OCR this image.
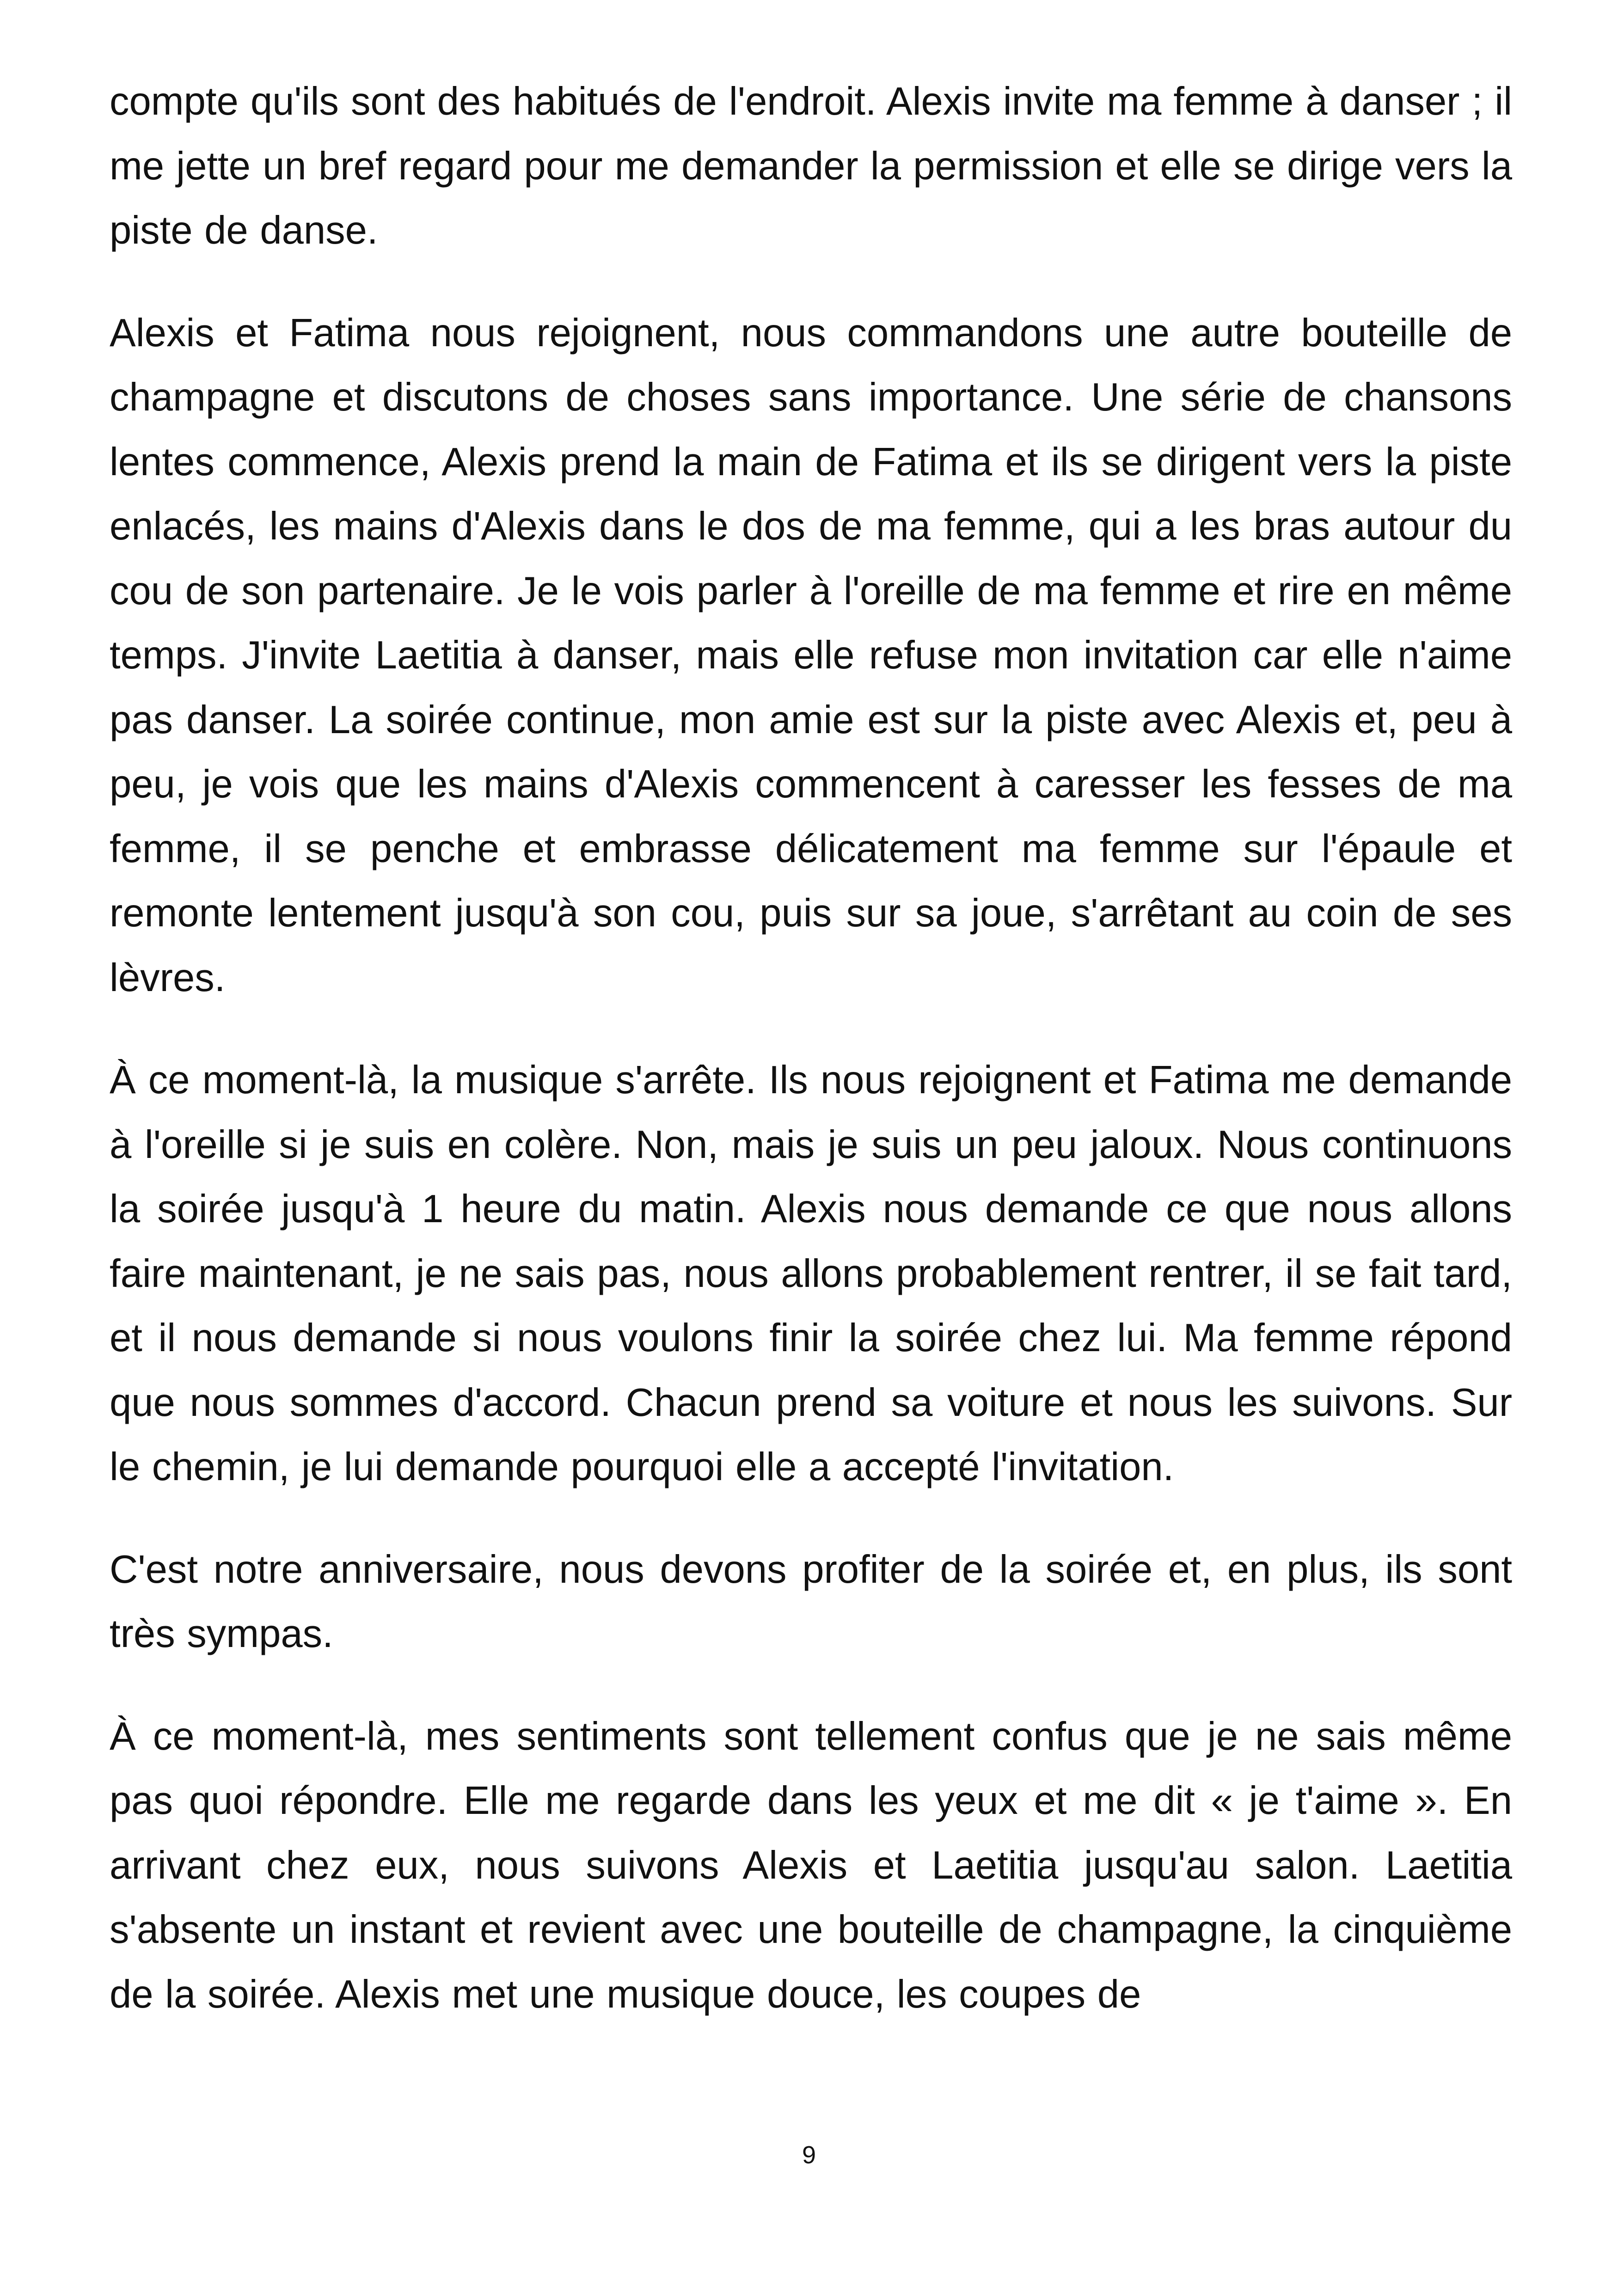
compte qu'ils sont des habitués de l'endroit. Alexis invite ma femme à danser ; il me jette un bref regard pour me demander la permission et elle se dirige vers la piste de danse.

Alexis et Fatima nous rejoignent, nous commandons une autre bouteille de champagne et discutons de choses sans importance. Une série de chansons lentes commence, Alexis prend la main de Fatima et ils se dirigent vers la piste enlacés, les mains d'Alexis dans le dos de ma femme, qui a les bras autour du cou de son partenaire. Je le vois parler à l'oreille de ma femme et rire en même temps. J'invite Laetitia à danser, mais elle refuse mon invitation car elle n'aime pas danser. La soirée continue, mon amie est sur la piste avec Alexis et, peu à peu, je vois que les mains d'Alexis commencent à caresser les fesses de ma femme, il se penche et embrasse délicatement ma femme sur l'épaule et remonte lentement jusqu'à son cou, puis sur sa joue, s'arrêtant au coin de ses lèvres.

À ce moment-là, la musique s'arrête. Ils nous rejoignent et Fatima me demande à l'oreille si je suis en colère. Non, mais je suis un peu jaloux. Nous continuons la soirée jusqu'à 1 heure du matin. Alexis nous demande ce que nous allons faire maintenant, je ne sais pas, nous allons probablement rentrer, il se fait tard, et il nous demande si nous voulons finir la soirée chez lui. Ma femme répond que nous sommes d'accord. Chacun prend sa voiture et nous les suivons. Sur le chemin, je lui demande pourquoi elle a accepté l'invitation.

C'est notre anniversaire, nous devons profiter de la soirée et, en plus, ils sont très sympas.

À ce moment-là, mes sentiments sont tellement confus que je ne sais même pas quoi répondre. Elle me regarde dans les yeux et me dit « je t'aime ». En arrivant chez eux, nous suivons Alexis et Laetitia jusqu'au salon. Laetitia s'absente un instant et revient avec une bouteille de champagne, la cinquième de la soirée. Alexis met une musique douce, les coupes de

9
